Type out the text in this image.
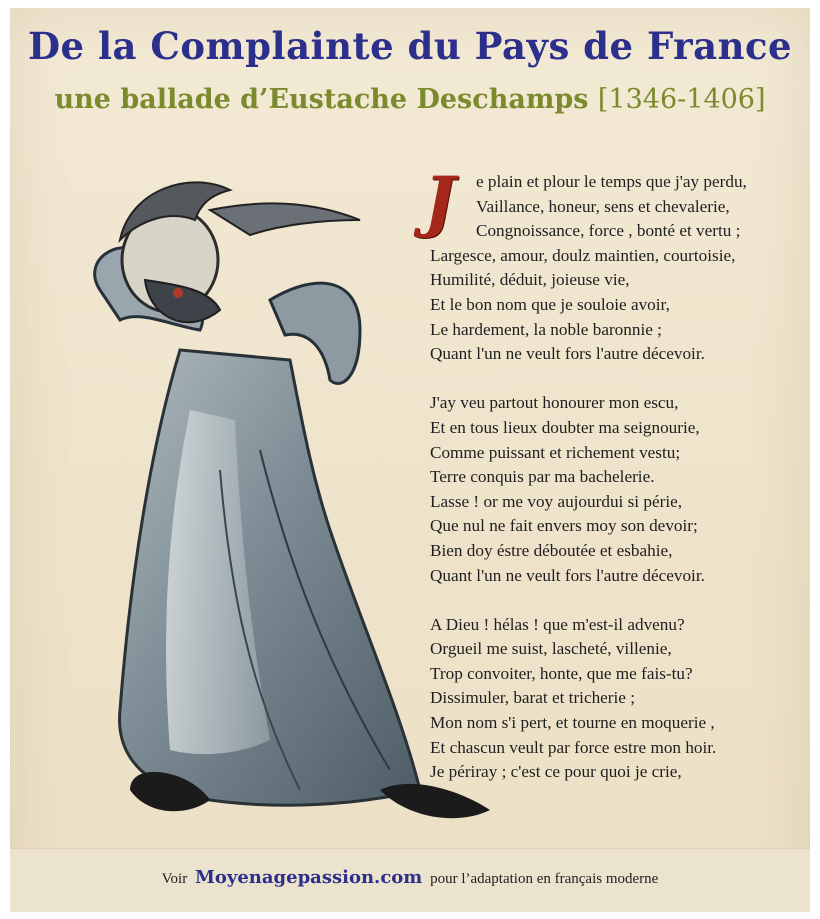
De la Complainte du Pays de France
une ballade d’Eustache Deschamps [1346-1406]
J	e plain et plour le temps que j'ay perdu,
Vaillance, honeur, sens et chevalerie,
Congnoissance, force , bonté et vertu ;
Largesce, amour, doulz maintien, courtoisie,
Humilité, déduit, joieuse vie,
Et le bon nom que je souloie avoir,
Le hardement, la noble baronnie ;
Quant l'un ne veult fors l'autre décevoir.
J'ay veu partout honourer mon escu,
Et en tous lieux doubter ma seignourie,
Comme puissant et richement vestu;
Terre conquis par ma bachelerie.
Lasse ! or me voy aujourdui si périe,
Que nul ne fait envers moy son devoir;
Bien doy éstre déboutée et esbahie,
Quant l'un ne veult fors l'autre décevoir.
A Dieu ! hélas ! que m'est-il advenu?
Orgueil me suist, lascheté, villenie,
Trop convoiter, honte, que me fais-tu?
Dissimuler, barat et tricherie ;
Mon nom s'i pert, et tourne en moquerie ,
Et chascun veult par force estre mon hoir.
Je périray ; c'est ce pour quoi je crie,
Voir Moyenagepassion.com pour l’adaptation en français moderne
